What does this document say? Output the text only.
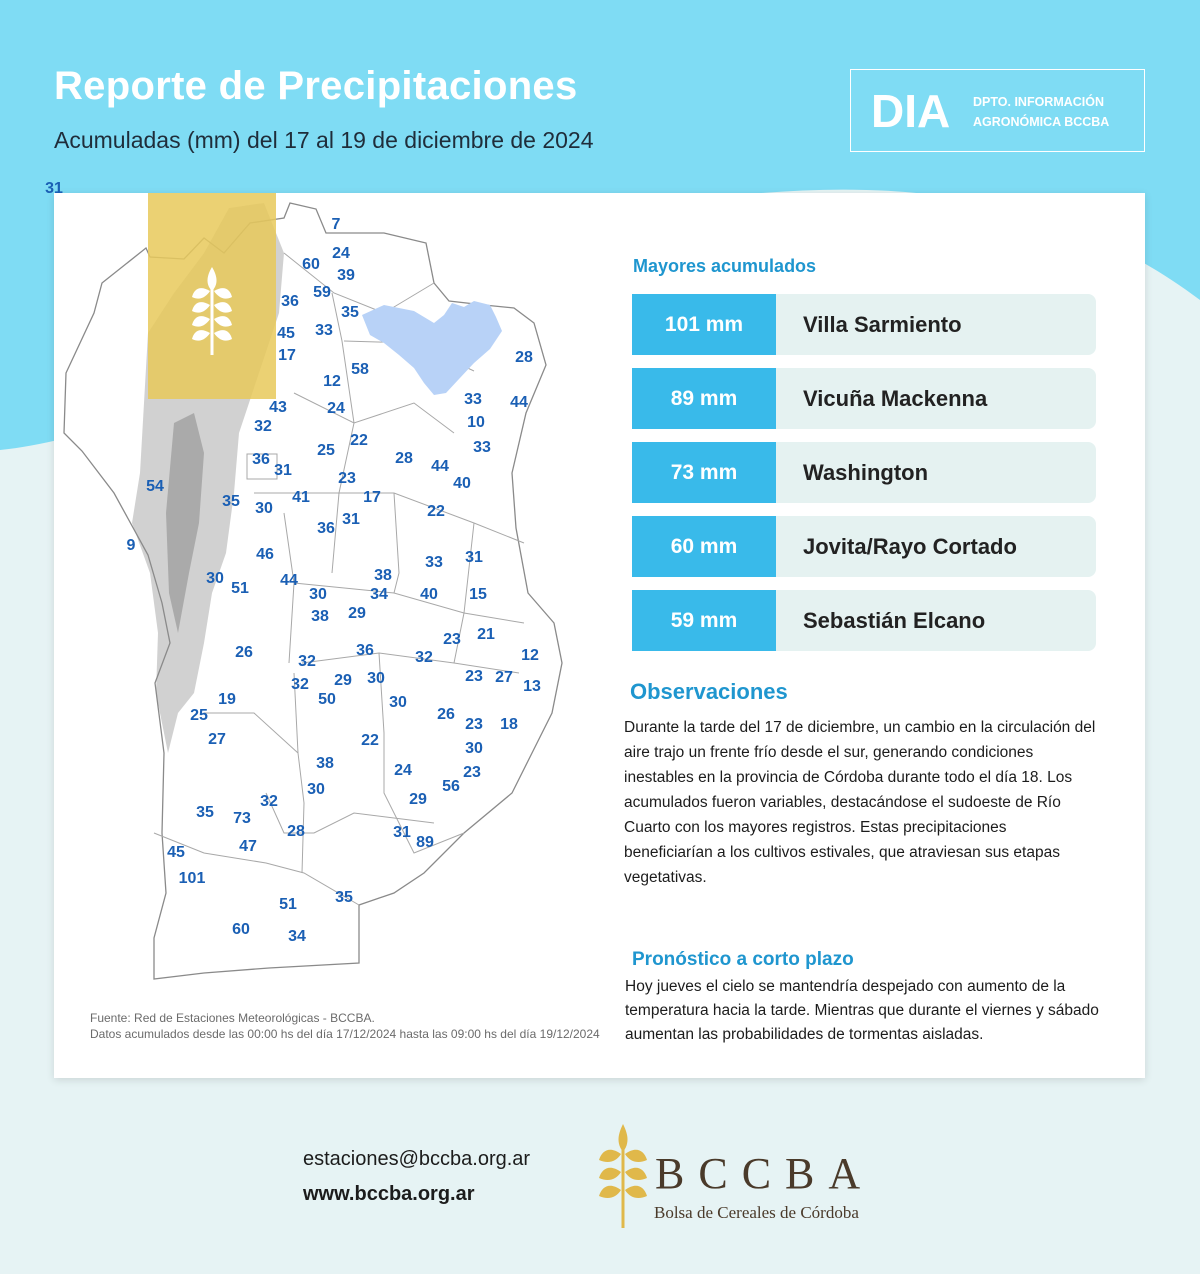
Reporte de Precipitaciones
Acumuladas (mm) del 17 al 19 de diciembre de 2024
DIA DPTO. INFORMACIÓN
AGRONÓMICA BCCBA
7
24
60
39
59
35
36
33
45
17
58
12
28
33 44
43	24
32	10
33
22
36
25
31
28 44
23	40
54
17
41
35 30	22
31
36
9
46	33 31
38
30	44
51	34 40 15
30
29
38
23 21
26	36
32	12
32
29 30
32	23 27
13
50
19	30
25	26
23 18
27	22	30
38	24	23
30	56
32	29
35 73
28	31
47	89
45
101
35
51
60 34
31
Fuente: Red de Estaciones Meteorológicas - BCCBA.
Datos acumulados desde las 00:00 hs del día 17/12/2024 hasta las 09:00 hs del día 19/12/2024
Mayores acumulados
101 mm	Villa Sarmiento
89 mm	Vicuña Mackenna
73 mm	Washington
60 mm	Jovita/Rayo Cortado
59 mm	Sebastián Elcano
Observaciones
Durante la tarde del 17 de diciembre, un cambio en la circulación del aire trajo un frente frío desde el sur, generando condiciones inestables en la provincia de Córdoba durante todo el día 18. Los acumulados fueron variables, destacándose el sudoeste de Río Cuarto con los mayores registros. Estas precipitaciones beneficiarían a los cultivos estivales, que atraviesan sus etapas vegetativas.
Pronóstico a corto plazo
Hoy jueves el cielo se mantendría despejado con aumento de la temperatura hacia la tarde. Mientras que durante el viernes y sábado aumentan las probabilidades de tormentas aisladas.
estaciones@bccba.org.ar
www.bccba.org.ar	BCCBA
Bolsa de Cereales de Córdoba
